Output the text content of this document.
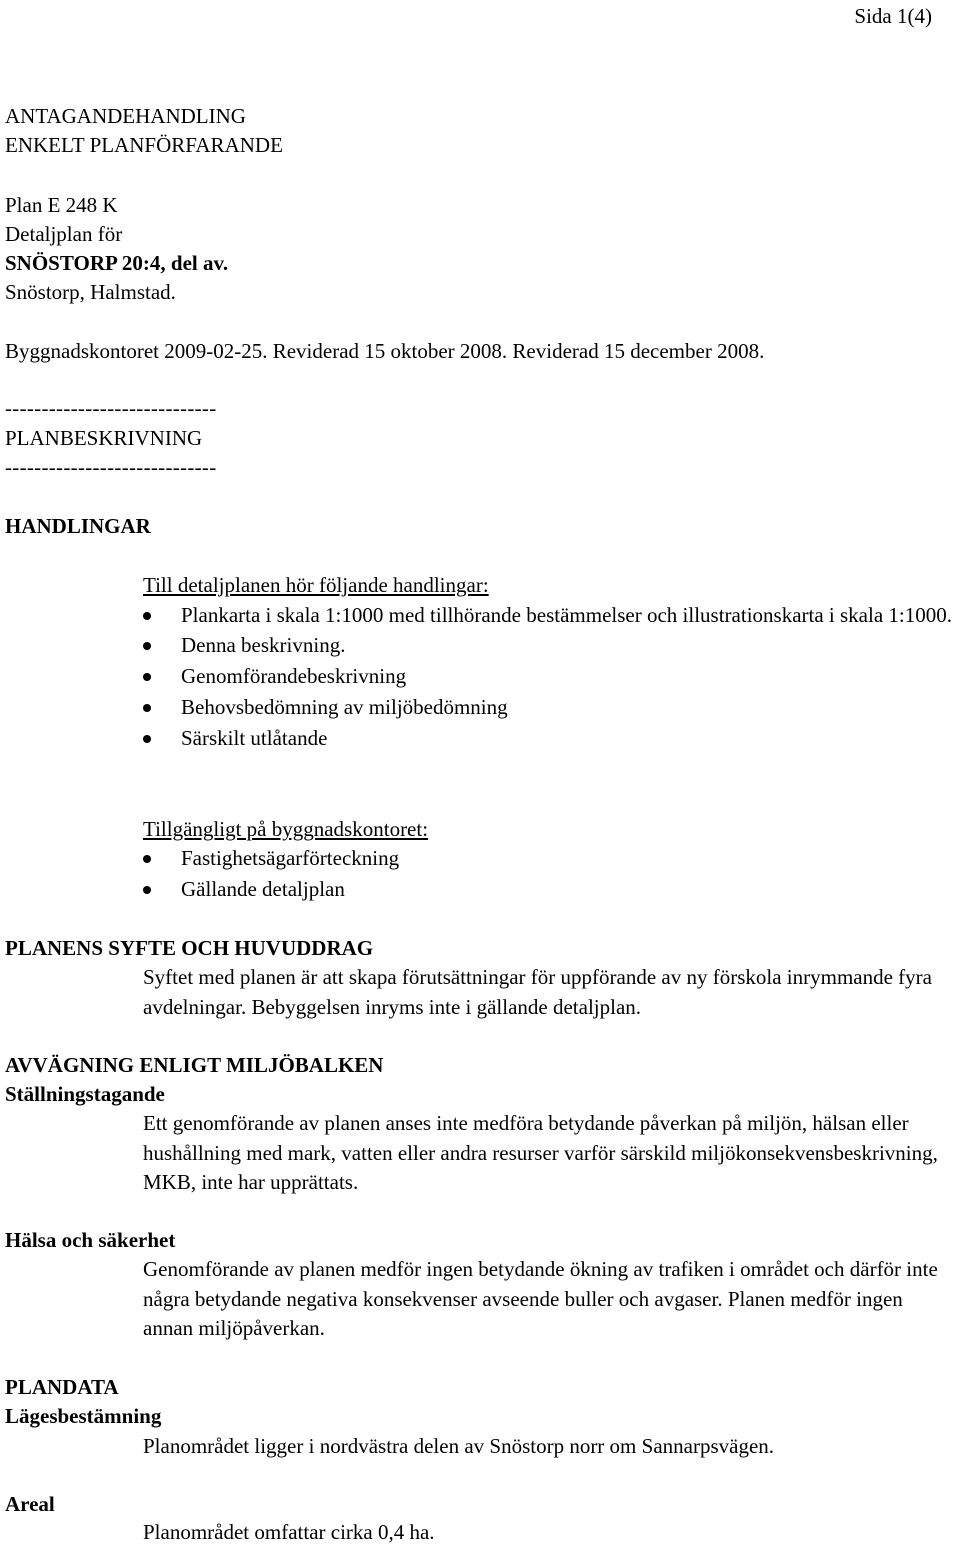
Sida 1(4)
ANTAGANDEHANDLING
ENKELT PLANFÖRFARANDE
Plan E 248 K
Detaljplan för
SNÖSTORP 20:4, del av.
Snöstorp, Halmstad.
Byggnadskontoret 2009-02-25. Reviderad 15 oktober 2008. Reviderad 15 december 2008.
-----------------------------
PLANBESKRIVNING
-----------------------------
HANDLINGAR
Till detaljplanen hör följande handlingar:
Plankarta i skala 1:1000 med tillhörande bestämmelser och illustrationskarta i skala 1:1000.
Denna beskrivning.
Genomförandebeskrivning
Behovsbedömning av miljöbedömning
Särskilt utlåtande
Tillgängligt på byggnadskontoret:
Fastighetsägarförteckning
Gällande detaljplan
PLANENS SYFTE OCH HUVUDDRAG
Syftet med planen är att skapa förutsättningar för uppförande av ny förskola inrymmande fyra avdelningar. Bebyggelsen inryms inte i gällande detaljplan.
AVVÄGNING ENLIGT MILJÖBALKEN
Ställningstagande
Ett genomförande av planen anses inte medföra betydande påverkan på miljön, hälsan eller hushållning med mark, vatten eller andra resurser varför särskild miljökonsekvensbeskrivning, MKB, inte har upprättats.
Hälsa och säkerhet
Genomförande av planen medför ingen betydande ökning av trafiken i området och därför inte några betydande negativa konsekvenser avseende buller och avgaser. Planen medför ingen annan miljöpåverkan.
PLANDATA
Lägesbestämning
Planområdet ligger i nordvästra delen av Snöstorp norr om Sannarpsvägen.
Areal
Planområdet omfattar cirka 0,4 ha.
